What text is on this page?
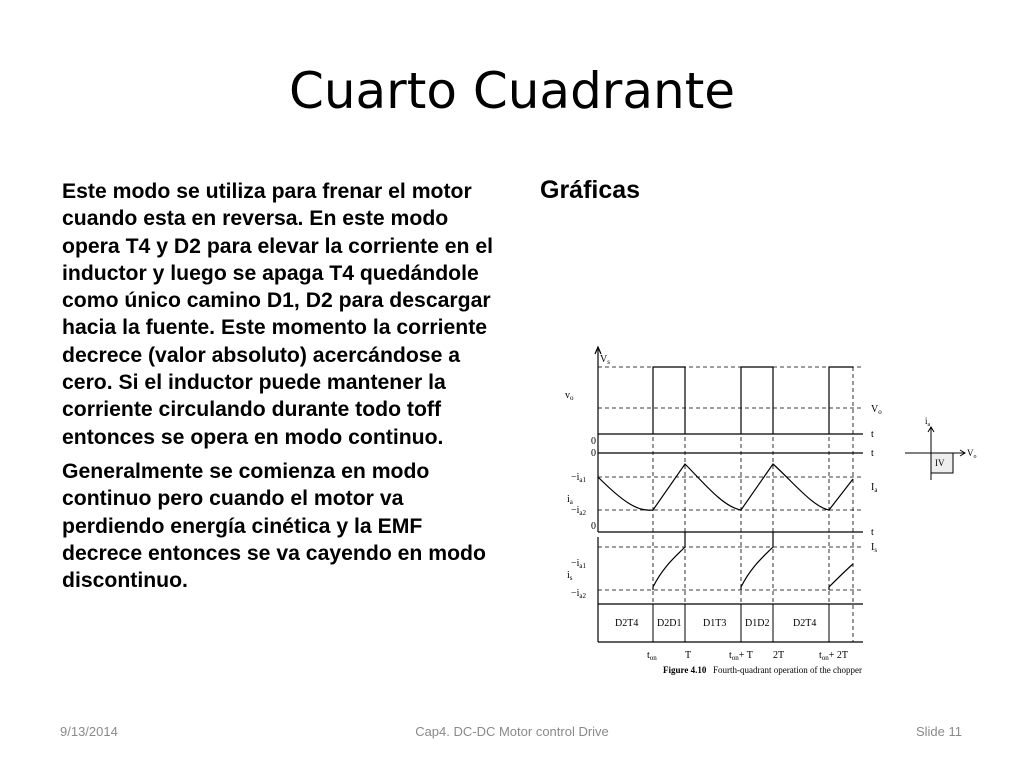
Cuarto Cuadrante

Este modo se utiliza para frenar el motor cuando esta en reversa. En este modo opera T4 y D2 para elevar la corriente en el inductor y luego se apaga T4 quedándole como único camino D1, D2 para descargar hacia la fuente. Este momento la corriente decrece (valor absoluto) acercándose a cero. Si el inductor puede mantener la corriente circulando durante todo toff entonces se opera en modo continuo.

Generalmente se comienza en modo continuo pero cuando el motor va perdiendo energía cinética y la EMF decrece entonces se va cayendo en modo discontinuo.

Gráficas
$V_s$
$v_o$
$V_o$
t
t
t
0
0
0
$-i_{a1}$
$i_a$
$-i_{a2}$
$I_a$
$I_s$
$-i_{a1}$
$i_s$
$-i_{a2}$
D2T4 D2D1 D1T3 D1D2 D2T4
$t_{on}$	T	$t_{on}+ T$ 2T	$t_{on}+ 2T$
Figure 4.10 Fourth-quadrant operation of the chopper
IV
$i_a$
$V_o$
9/13/2014	Cap4. DC-DC Motor control Drive	Slide 11
